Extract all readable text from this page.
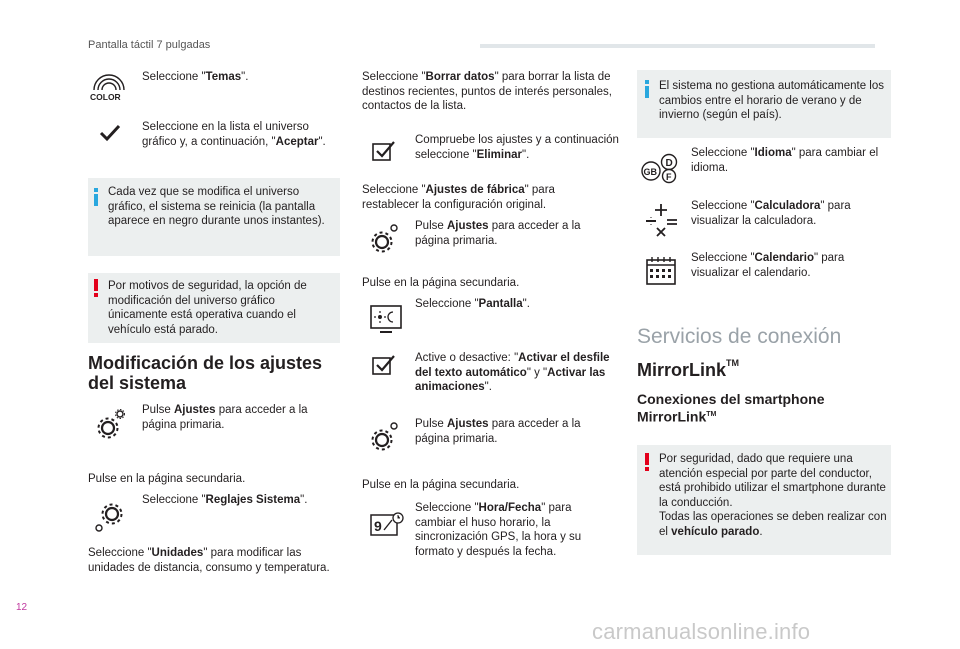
Pantalla táctil 7 pulgadas
COLOR
Seleccione "Temas".
Seleccione en la lista el universo gráfico y, a continuación, "Aceptar".
Cada vez que se modifica el universo gráfico, el sistema se reinicia (la pantalla aparece en negro durante unos instantes).
Por motivos de seguridad, la opción de modificación del universo gráfico únicamente está operativa cuando el vehículo está parado.
Modificación de los ajustes del sistema
Pulse Ajustes para acceder a la página primaria.
Pulse en la página secundaria.
Seleccione "Reglajes Sistema".
Seleccione "Unidades" para modificar las unidades de distancia, consumo y temperatura.
Seleccione "Borrar datos" para borrar la lista de destinos recientes, puntos de interés personales, contactos de la lista.
Compruebe los ajustes y a continuación seleccione "Eliminar".
Seleccione "Ajustes de fábrica" para restablecer la configuración original.
Pulse Ajustes para acceder a la página primaria.
Pulse en la página secundaria.
Seleccione "Pantalla".
Active o desactive: "Activar el desfile del texto automático" y "Activar las animaciones".
Pulse Ajustes para acceder a la página primaria.
Pulse en la página secundaria.
9
Seleccione "Hora/Fecha" para cambiar el huso horario, la sincronización GPS, la hora y su formato y después la fecha.
El sistema no gestiona automáticamente los cambios entre el horario de verano y de invierno (según el país).
D
GB F
Seleccione "Idioma" para cambiar el idioma.
Seleccione "Calculadora" para visualizar la calculadora.
Seleccione "Calendario" para visualizar el calendario.
Servicios de conexión
MirrorLink™
Conexiones del smartphone
MirrorLink™
Por seguridad, dado que requiere una atención especial por parte del conductor, está prohibido utilizar el smartphone durante la conducción.
Todas las operaciones se deben realizar con el vehículo parado.
12
carmanualsonline.info
